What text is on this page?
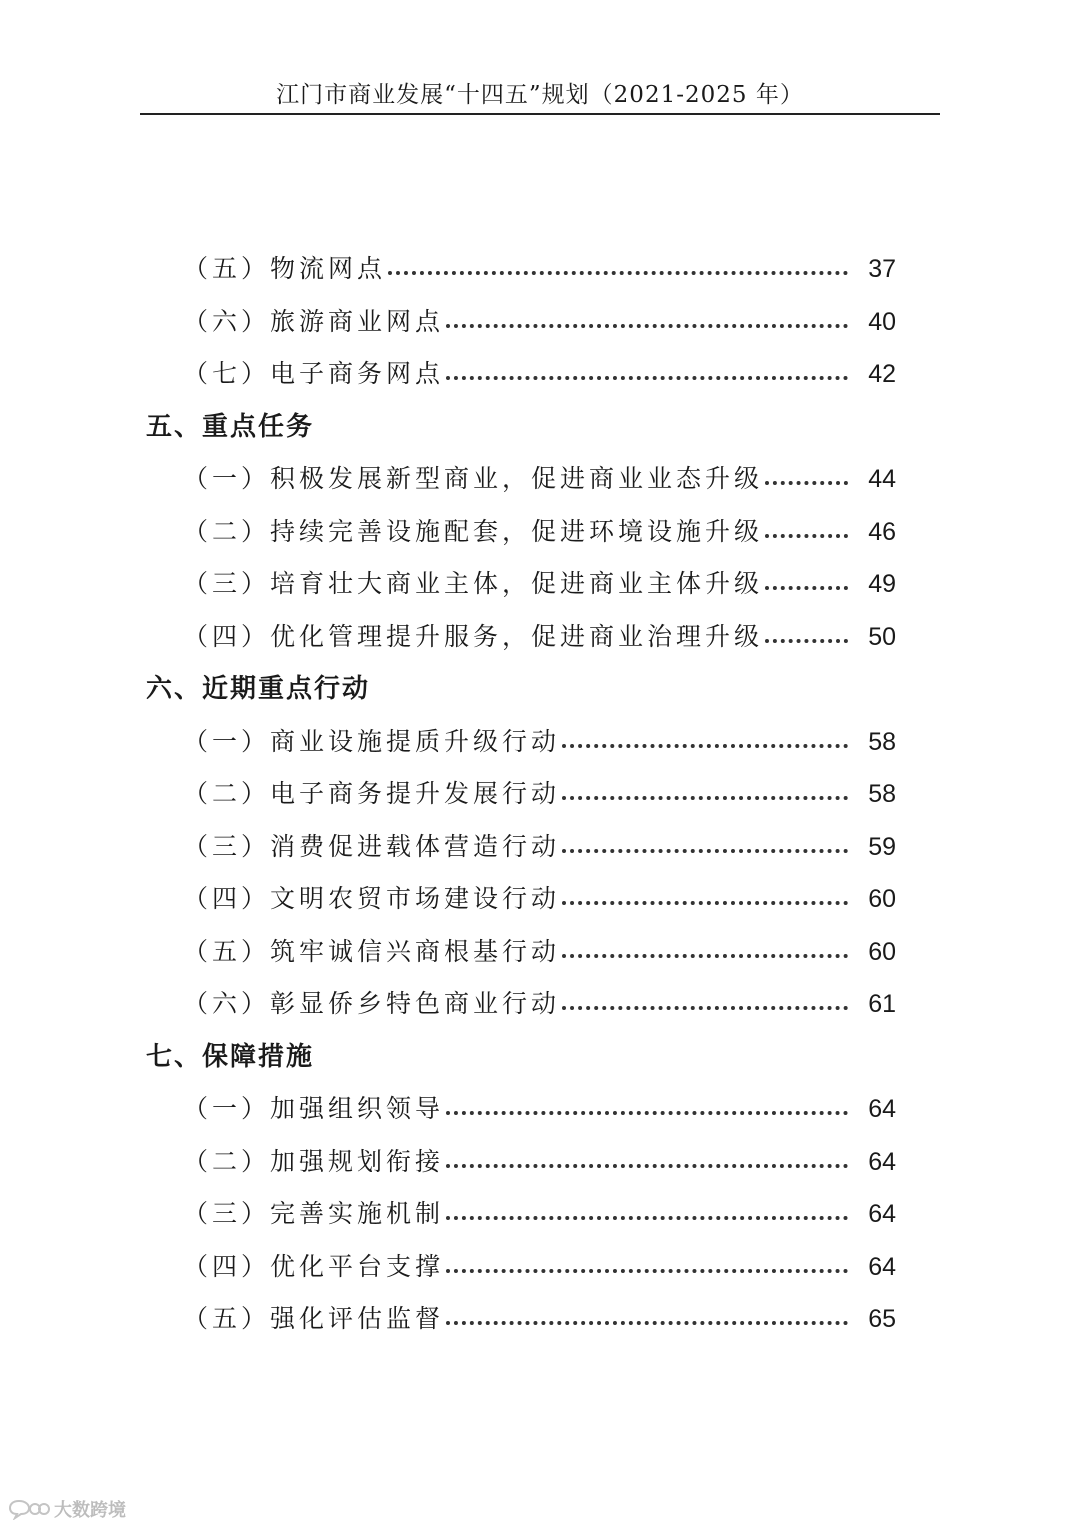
江门市商业发展“十四五”规划（2021-2025 年）
（五） 物流网点	37
（六） 旅游商业网点	40
（七） 电子商务网点	42
五、重点任务
（一） 积极发展新型商业，促进商业业态升级	44
（二） 持续完善设施配套，促进环境设施升级	46
（三） 培育壮大商业主体，促进商业主体升级	49
（四） 优化管理提升服务，促进商业治理升级	50
六、近期重点行动
（一） 商业设施提质升级行动	58
（二） 电子商务提升发展行动	58
（三） 消费促进载体营造行动	59
（四） 文明农贸市场建设行动	60
（五） 筑牢诚信兴商根基行动	60
（六） 彰显侨乡特色商业行动	61
七、保障措施
（一） 加强组织领导	64
（二） 加强规划衔接	64
（三） 完善实施机制	64
（四） 优化平台支撑	64
（五） 强化评估监督	65
大数跨境
